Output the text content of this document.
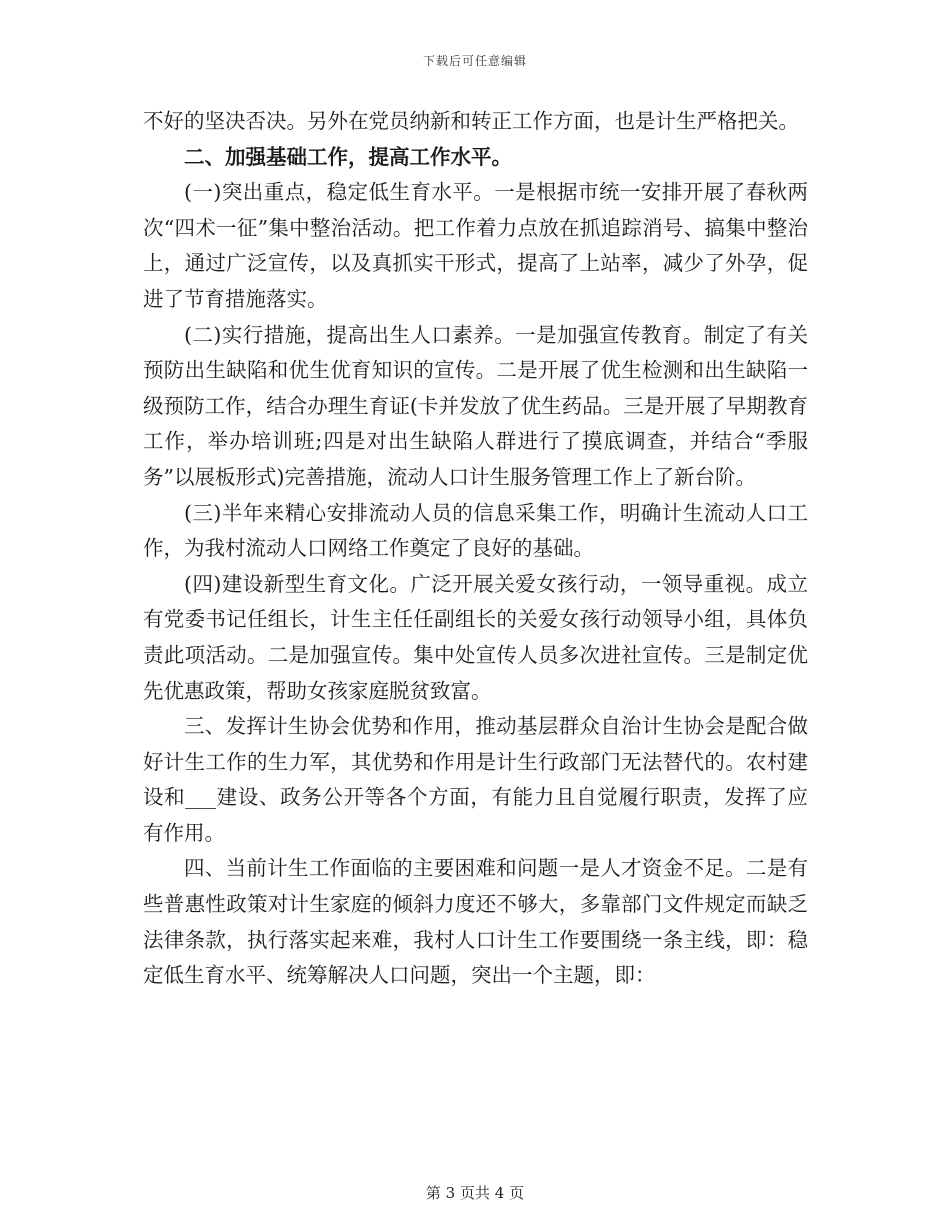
下载后可任意编辑

不好的坚决否决。另外在党员纳新和转正工作方面，也是计生严格把关。

二、加强基础工作，提高工作水平。

(一)突出重点，稳定低生育水平。一是根据市统一安排开展了春秋两次“四术一征”集中整治活动。把工作着力点放在抓追踪消号、搞集中整治上，通过广泛宣传，以及真抓实干形式，提高了上站率，减少了外孕，促进了节育措施落实。

(二)实行措施，提高出生人口素养。一是加强宣传教育。制定了有关预防出生缺陷和优生优育知识的宣传。二是开展了优生检测和出生缺陷一级预防工作，结合办理生育证(卡并发放了优生药品。三是开展了早期教育工作，举办培训班;四是对出生缺陷人群进行了摸底调查，并结合“季服务”以展板形式)完善措施，流动人口计生服务管理工作上了新台阶。

(三)半年来精心安排流动人员的信息采集工作，明确计生流动人口工作，为我村流动人口网络工作奠定了良好的基础。

(四)建设新型生育文化。广泛开展关爱女孩行动，一领导重视。成立有党委书记任组长，计生主任任副组长的关爱女孩行动领导小组，具体负责此项活动。二是加强宣传。集中处宣传人员多次进社宣传。三是制定优先优惠政策，帮助女孩家庭脱贫致富。

三、发挥计生协会优势和作用，推动基层群众自治计生协会是配合做好计生工作的生力军，其优势和作用是计生行政部门无法替代的。农村建设和___建设、政务公开等各个方面，有能力且自觉履行职责，发挥了应有作用。

四、当前计生工作面临的主要困难和问题一是人才资金不足。二是有些普惠性政策对计生家庭的倾斜力度还不够大，多靠部门文件规定而缺乏法律条款，执行落实起来难，我村人口计生工作要围绕一条主线，即：稳定低生育水平、统筹解决人口问题，突出一个主题，即：

第 3 页共 4 页
